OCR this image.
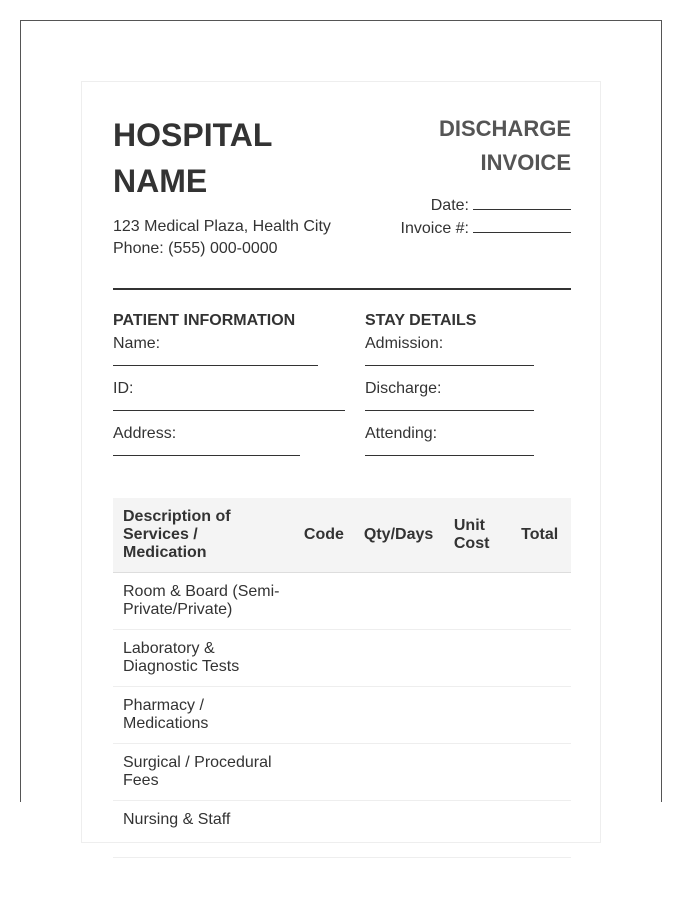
HOSPITAL
NAME
123 Medical Plaza, Health City
Phone: (555) 000-0000
DISCHARGE
INVOICE
Date:
Invoice #:
PATIENT INFORMATION
Name:
ID:
Address:
STAY DETAILS
Admission:
Discharge:
Attending:
Description of Services / Medication	Code	Qty/Days	Unit Cost	Total
Room & Board (Semi-Private/Private)				
Laboratory & Diagnostic Tests				
Pharmacy / Medications				
Surgical / Procedural Fees				
Nursing & Staff				
